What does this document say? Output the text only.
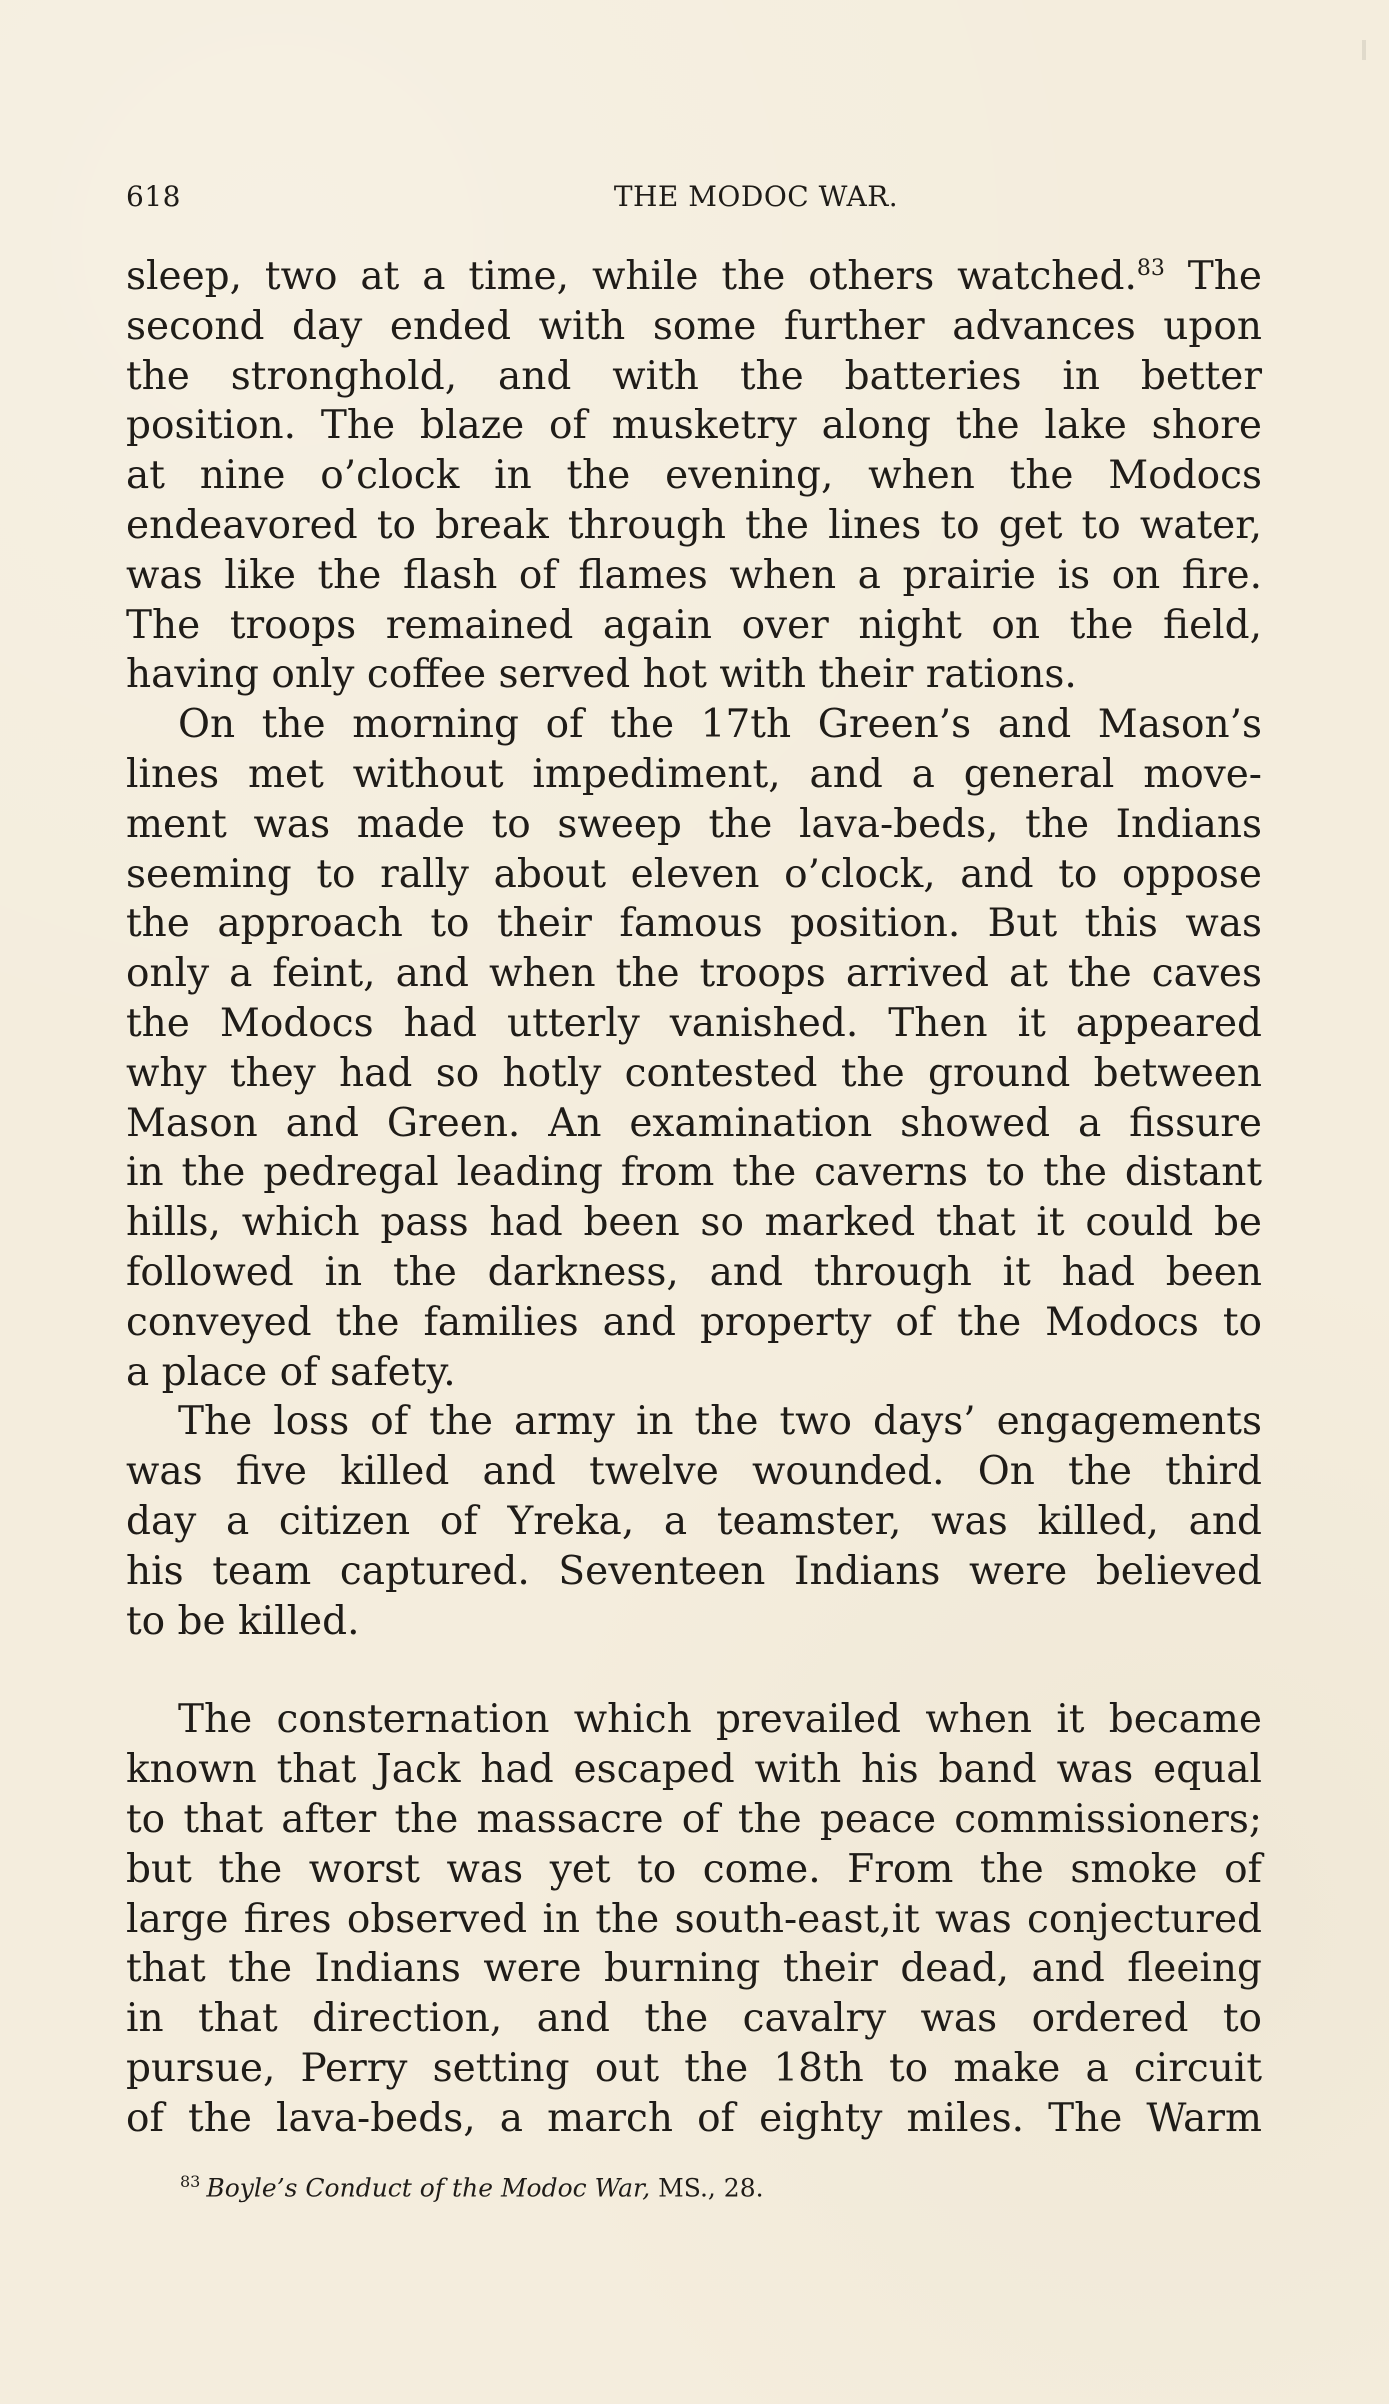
618	THE MODOC WAR.
sleep, two at a time, while the others watched.$^{83}$ The
second day ended with some further advances upon
the stronghold, and with the batteries in better
position. The blaze of musketry along the lake shore
at nine o’clock in the evening, when the Modocs
endeavored to break through the lines to get to water,
was like the flash of flames when a prairie is on fire.
The troops remained again over night on the field,
having only coffee served hot with their rations.
On the morning of the 17th Green’s and Mason’s
lines met without impediment, and a general move-
ment was made to sweep the lava-beds, the Indians
seeming to rally about eleven o’clock, and to oppose
the approach to their famous position. But this was
only a feint, and when the troops arrived at the caves
the Modocs had utterly vanished. Then it appeared
why they had so hotly contested the ground between
Mason and Green. An examination showed a fissure
in the pedregal leading from the caverns to the distant
hills, which pass had been so marked that it could be
followed in the darkness, and through it had been
conveyed the families and property of the Modocs to
a place of safety.
The loss of the army in the two days’ engagements
was five killed and twelve wounded. On the third
day a citizen of Yreka, a teamster, was killed, and
his team captured. Seventeen Indians were believed
to be killed.
The consternation which prevailed when it became
known that Jack had escaped with his band was equal
to that after the massacre of the peace commissioners;
but the worst was yet to come. From the smoke of
large fires observed in the south-east,it was conjectured
that the Indians were burning their dead, and fleeing
in that direction, and the cavalry was ordered to
pursue, Perry setting out the 18th to make a circuit
of the lava-beds, a march of eighty miles. The Warm
$^{83}$ Boyle’s Conduct of the Modoc War, MS., 28.
